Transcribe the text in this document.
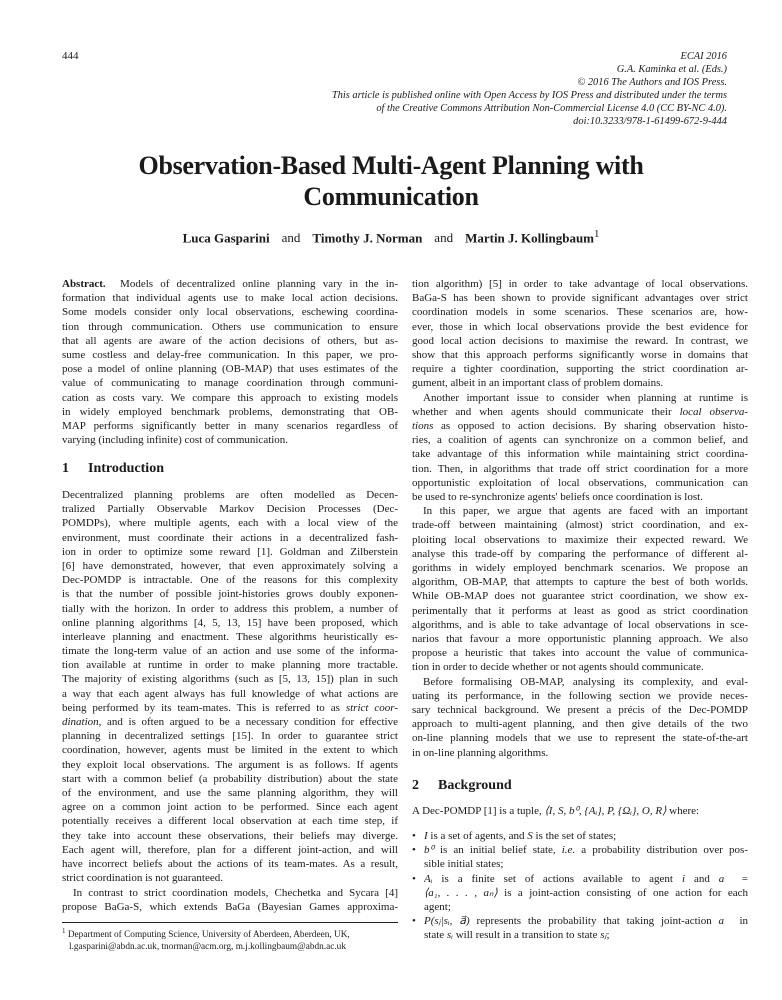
444	ECAI 2016
G.A. Kaminka et al. (Eds.)
© 2016 The Authors and IOS Press.
This article is published online with Open Access by IOS Press and distributed under the terms
of the Creative Commons Attribution Non-Commercial License 4.0 (CC BY-NC 4.0).
doi:10.3233/978-1-61499-672-9-444
Observation-Based Multi-Agent Planning with
Communication
Luca Gasparini and Timothy J. Norman and Martin J. Kollingbaum$^1$
Abstract.  Models of decentralized online planning vary in the in-
formation that individual agents use to make local action decisions.
Some models consider only local observations, eschewing coordina-
tion through communication. Others use communication to ensure
that all agents are aware of the action decisions of others, but as-
sume costless and delay-free communication. In this paper, we pro-
pose a model of online planning (OB-MAP) that uses estimates of the
value of communicating to manage coordination through communi-
cation as costs vary. We compare this approach to existing models
in widely employed benchmark problems, demonstrating that OB-
MAP performs significantly better in many scenarios regardless of
varying (including infinite) cost of communication.
1 Introduction
Decentralized planning problems are often modelled as Decen-
tralized Partially Observable Markov Decision Processes (Dec-
POMDPs), where multiple agents, each with a local view of the
environment, must coordinate their actions in a decentralized fash-
ion in order to optimize some reward [1]. Goldman and Zilberstein
[6] have demonstrated, however, that even approximately solving a
Dec-POMDP is intractable. One of the reasons for this complexity
is that the number of possible joint-histories grows doubly exponen-
tially with the horizon. In order to address this problem, a number of
online planning algorithms [4, 5, 13, 15] have been proposed, which
interleave planning and enactment. These algorithms heuristically es-
timate the long-term value of an action and use some of the informa-
tion available at runtime in order to make planning more tractable.
The majority of existing algorithms (such as [5, 13, 15]) plan in such
a way that each agent always has full knowledge of what actions are
being performed by its team-mates. This is referred to as strict coor-
dination, and is often argued to be a necessary condition for effective
planning in decentralized settings [15]. In order to guarantee strict
coordination, however, agents must be limited in the extent to which
they exploit local observations. The argument is as follows. If agents
start with a common belief (a probability distribution) about the state
of the environment, and use the same planning algorithm, they will
agree on a common joint action to be performed. Since each agent
potentially receives a different local observation at each time step, if
they take into account these observations, their beliefs may diverge.
Each agent will, therefore, plan for a different joint-action, and will
have incorrect beliefs about the actions of its team-mates. As a result,
strict coordination is not guaranteed.
In contrast to strict coordination models, Chechetka and Sycara [4]
propose BaGa-S, which extends BaGa (Bayesian Games approxima-
$^1$ Department of Computing Science, University of Aberdeen, Aberdeen, UK,
l.gasparini@abdn.ac.uk, tnorman@acm.org, m.j.kollingbaum@abdn.ac.uk
tion algorithm) [5] in order to take advantage of local observations.
BaGa-S has been shown to provide significant advantages over strict
coordination models in some scenarios. These scenarios are, how-
ever, those in which local observations provide the best evidence for
good local action decisions to maximise the reward. In contrast, we
show that this approach performs significantly worse in domains that
require a tighter coordination, supporting the strict coordination ar-
gument, albeit in an important class of problem domains.
Another important issue to consider when planning at runtime is
whether and when agents should communicate their local observa-
tions as opposed to action decisions. By sharing observation histo-
ries, a coalition of agents can synchronize on a common belief, and
take advantage of this information while maintaining strict coordina-
tion. Then, in algorithms that trade off strict coordination for a more
opportunistic exploitation of local observations, communication can
be used to re-synchronize agents' beliefs once coordination is lost.
In this paper, we argue that agents are faced with an important
trade-off between maintaining (almost) strict coordination, and ex-
ploiting local observations to maximize their expected reward. We
analyse this trade-off by comparing the performance of different al-
gorithms in widely employed benchmark scenarios. We propose an
algorithm, OB-MAP, that attempts to capture the best of both worlds.
While OB-MAP does not guarantee strict coordination, we show ex-
perimentally that it performs at least as good as strict coordination
algorithms, and is able to take advantage of local observations in sce-
narios that favour a more opportunistic planning approach. We also
propose a heuristic that takes into account the value of communica-
tion in order to decide whether or not agents should communicate.
Before formalising OB-MAP, analysing its complexity, and eval-
uating its performance, in the following section we provide neces-
sary technical background. We present a précis of the Dec-POMDP
approach to multi-agent planning, and then give details of the two
on-line planning models that we use to represent the state-of-the-art
in on-line planning algorithms.
2 Background
A Dec-POMDP [1] is a tuple, ⟨I, S, b⁰, {Aᵢ}, P, {Ωᵢ}, O, R⟩ where:
• I is a set of agents, and S is the set of states;
• b⁰ is an initial belief state, i.e. a probability distribution over pos-
sible initial states;
• Aᵢ is a finite set of actions available to agent i and a⃗ =
⟨a₁, . . . , aₙ⟩ is a joint-action consisting of one action for each
agent;
• P(sⱼ|sᵢ, a⃗) represents the probability that taking joint-action a⃗ in
state sᵢ will result in a transition to state sⱼ;
